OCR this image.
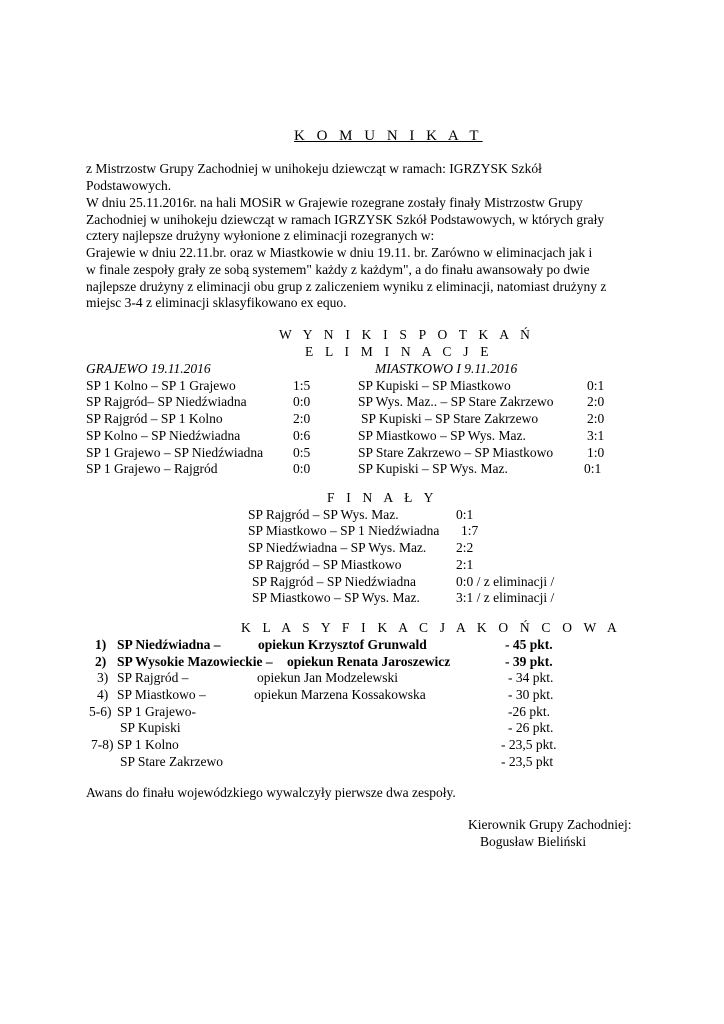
K O M U N I K A T
z Mistrzostw Grupy Zachodniej w unihokeju dziewcząt w ramach: IGRZYSK Szkół
Podstawowych.
W dniu 25.11.2016r. na hali MOSiR w Grajewie rozegrane zostały finały Mistrzostw Grupy
Zachodniej w unihokeju dziewcząt w ramach IGRZYSK Szkół Podstawowych, w których grały
cztery najlepsze drużyny wyłonione z eliminacji rozegranych w:
Grajewie w dniu 22.11.br. oraz w Miastkowie w dniu 19.11. br. Zarówno w eliminacjach jak i
w finale zespoły grały ze sobą systemem" każdy z każdym", a do finału awansowały po dwie
najlepsze drużyny z eliminacji obu grup z zaliczeniem wyniku z eliminacji, natomiast drużyny z
miejsc 3-4 z eliminacji sklasyfikowano ex equo.
W Y N I K I S P O T K A Ń
E L I M I N A C J E
GRAJEWO 19.11.2016	MIASTKOWO I 9.11.2016
SP 1 Kolno – SP 1 Grajewo	1:5
SP Rajgród– SP Niedźwiadna	0:0
SP Rajgród – SP 1 Kolno	2:0
SP Kolno – SP Niedźwiadna	0:6
SP 1 Grajewo – SP Niedźwiadna 0:5
SP 1 Grajewo – Rajgród	0:0
SP Kupiski – SP Miastkowo	0:1
SP Wys. Maz.. – SP Stare Zakrzewo 2:0
SP Kupiski – SP Stare Zakrzewo	2:0
SP Miastkowo – SP Wys. Maz.	3:1
SP Stare Zakrzewo – SP Miastkowo	1:0
SP Kupiski – SP Wys. Maz.	0:1
F I N A Ł Y
SP Rajgród – SP Wys. Maz.	0:1
SP Miastkowo – SP 1 Niedźwiadna 1:7
SP Niedźwiadna – SP Wys. Maz. 2:2
SP Rajgród – SP Miastkowo	2:1
SP Rajgród – SP Niedźwiadna	0:0 / z eliminacji /
SP Miastkowo – SP Wys. Maz.	3:1 / z eliminacji /
K L A S Y F I K A C J A K O Ń C O W A
1) SP Niedźwiadna –	opiekun Krzysztof Grunwald	- 45 pkt.
2) SP Wysokie Mazowieckie – opiekun Renata Jaroszewicz	- 39 pkt.
3) SP Rajgród –	opiekun Jan Modzelewski	- 34 pkt.
4) SP Miastkowo –	opiekun Marzena Kossakowska	- 30 pkt.
5-6) SP 1 Grajewo-	-26 pkt.
SP Kupiski	- 26 pkt.
7-8) SP 1 Kolno	- 23,5 pkt.
SP Stare Zakrzewo	- 23,5 pkt
Awans do finału wojewódzkiego wywalczyły pierwsze dwa zespoły.
Kierownik Grupy Zachodniej:
Bogusław Bieliński
